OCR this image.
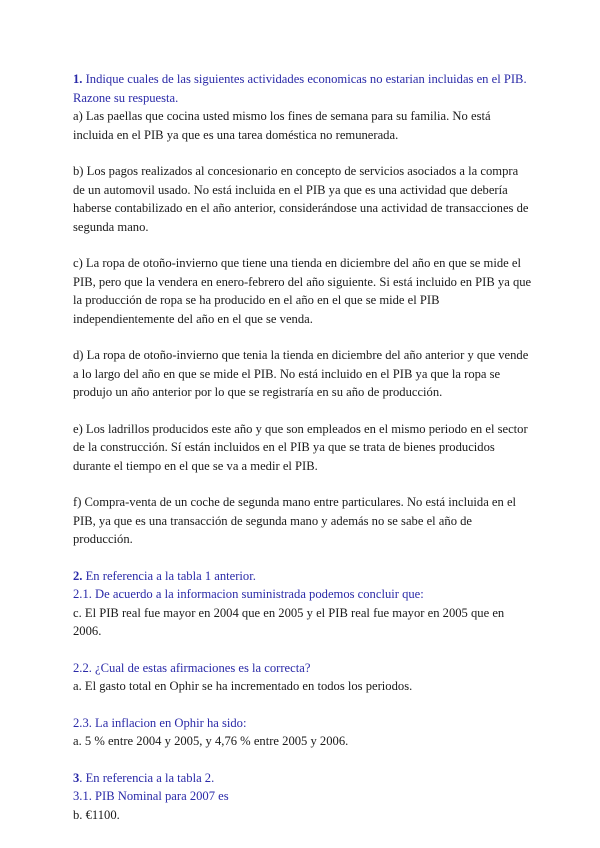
1. Indique cuales de las siguientes actividades economicas no estarian incluidas en el PIB. Razone su respuesta.

a) Las paellas que cocina usted mismo los fines de semana para su familia. No está incluida en el PIB ya que es una tarea doméstica no remunerada.

b) Los pagos realizados al concesionario en concepto de servicios asociados a la compra de un automovil usado. No está incluida en el PIB ya que es una actividad que debería haberse contabilizado en el año anterior, considerándose una actividad de transacciones de segunda mano.

c) La ropa de otoño-invierno que tiene una tienda en diciembre del año en que se mide el PIB, pero que la vendera en enero-febrero del año siguiente. Si está incluido en PIB ya que la producción de ropa se ha producido en el año en el que se mide el PIB independientemente del año en el que se venda.

d) La ropa de otoño-invierno que tenia la tienda en diciembre del año anterior y que vende a lo largo del año en que se mide el PIB. No está incluido en el PIB ya que la ropa se produjo un año anterior por lo que se registraría en su año de producción.

e) Los ladrillos producidos este año y que son empleados en el mismo periodo en el sector de la construcción. Sí están incluidos en el PIB ya que se trata de bienes producidos durante el tiempo en el que se va a medir el PIB.

f) Compra-venta de un coche de segunda mano entre particulares. No está incluida en el PIB, ya que es una transacción de segunda mano y además no se sabe el año de producción.

2. En referencia a la tabla 1 anterior.

2.1. De acuerdo a la informacion suministrada podemos concluir que:

c. El PIB real fue mayor en 2004 que en 2005 y el PIB real fue mayor en 2005 que en 2006.

2.2. ¿Cual de estas afirmaciones es la correcta?

a. El gasto total en Ophir se ha incrementado en todos los periodos.

2.3. La inflacion en Ophir ha sido:

a. 5 % entre 2004 y 2005, y 4,76 % entre 2005 y 2006.

3. En referencia a la tabla 2.

3.1. PIB Nominal para 2007 es

b. €1100.
